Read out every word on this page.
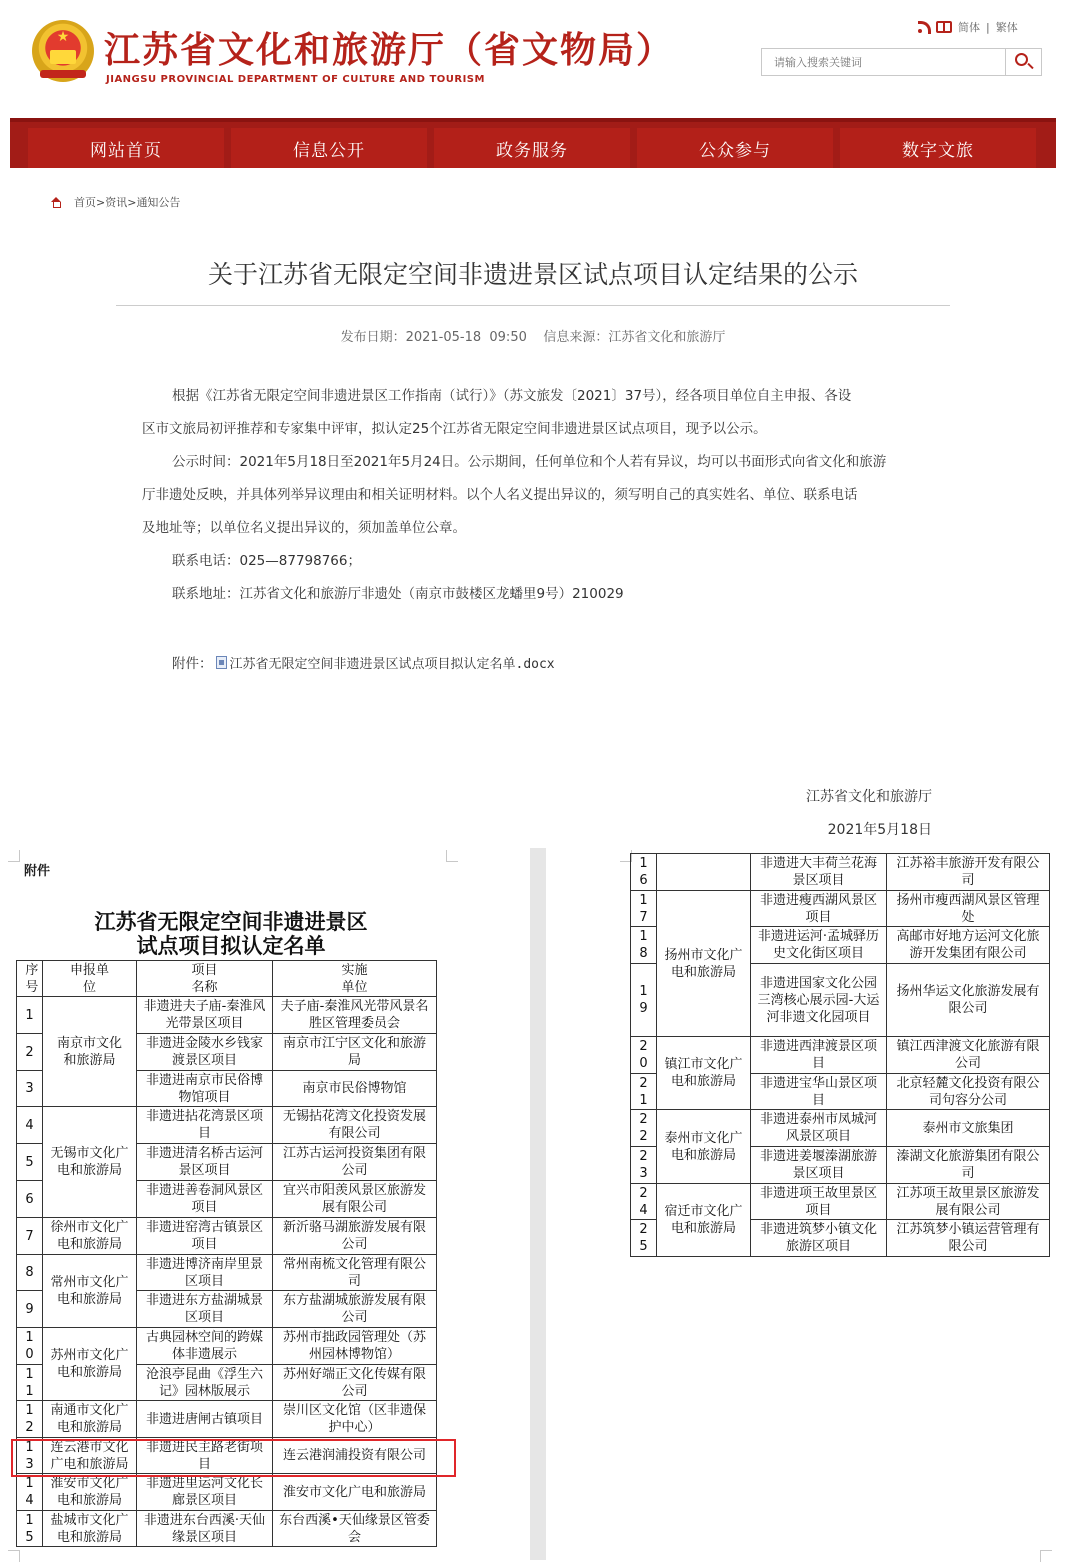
★ 江苏省文化和旅游厅（省文物局）
JIANGSU PROVINCIAL DEPARTMENT OF CULTURE AND TOURISM
简体 | 繁体
请输入搜索关键词
网站首页	信息公开	政务服务	公众参与	数字文旅
首页 > 资讯 > 通知公告
关于江苏省无限定空间非遗进景区试点项目认定结果的公示
发布日期：2021-05-18  09:50 信息来源：江苏省文化和旅游厅
根据《江苏省无限定空间非遗进景区工作指南（试行）》（苏文旅发〔2021〕37号），经各项目单位自主申报、各设
区市文旅局初评推荐和专家集中评审，拟认定25个江苏省无限定空间非遗进景区试点项目，现予以公示。
公示时间：2021年5月18日至2021年5月24日。公示期间，任何单位和个人若有异议，均可以书面形式向省文化和旅游
厅非遗处反映，并具体列举异议理由和相关证明材料。以个人名义提出异议的，须写明自己的真实姓名、单位、联系电话
及地址等；以单位名义提出异议的，须加盖单位公章。
联系电话：025—87798766；
联系地址：江苏省文化和旅游厅非遗处（南京市鼓楼区龙蟠里9号）210029
附件： 江苏省无限定空间非遗进景区试点项目拟认定名单.docx
江苏省文化和旅游厅
2021年5月18日
附件
江苏省无限定空间非遗进景区
试点项目拟认定名单
序号	申报单位	项目名称	实施单位
1	南京市文化和旅游局	非遗进夫子庙-秦淮风光带景区项目	夫子庙-秦淮风光带风景名胜区管理委员会
2		非遗进金陵水乡钱家渡景区项目	南京市江宁区文化和旅游局
3		非遗进南京市民俗博物馆项目	南京市民俗博物馆
4	无锡市文化广电和旅游局	非遗进拈花湾景区项目	无锡拈花湾文化投资发展有限公司
5		非遗进清名桥古运河景区项目	江苏古运河投资集团有限公司
6		非遗进善卷洞风景区项目	宜兴市阳羡风景区旅游发展有限公司
7	徐州市文化广电和旅游局	非遗进窑湾古镇景区项目	新沂骆马湖旅游发展有限公司
8	常州市文化广电和旅游局	非遗进博济南岸里景区项目	常州南梳文化管理有限公司
9		非遗进东方盐湖城景区项目	东方盐湖城旅游发展有限公司

10	苏州市文化广电和旅游局	古典园林空间的跨媒体非遗展示	苏州市拙政园管理处（苏州园林博物馆）

11		沧浪亭昆曲《浮生六记》园林版展示	苏州好端正文化传媒有限公司

12	南通市文化广电和旅游局	非遗进唐闸古镇项目	崇川区文化馆（区非遗保护中心）

13	连云港市文化广电和旅游局	非遗进民主路老街项目	连云港润浦投资有限公司

14	淮安市文化广电和旅游局	非遗进里运河文化长廊景区项目	淮安市文化广电和旅游局

15	盐城市文化广电和旅游局	非遗进东台西溪·天仙缘景区项目	东台西溪•天仙缘景区管委会
16		非遗进大丰荷兰花海景区项目	江苏裕丰旅游开发有限公司

17	扬州市文化广电和旅游局	非遗进瘦西湖风景区项目	扬州市瘦西湖风景区管理处

18		非遗进运河·孟城驿历史文化街区项目	高邮市好地方运河文化旅游开发集团有限公司

19		非遗进国家文化公园三湾核心展示园-大运河非遗文化园项目	扬州华运文化旅游发展有限公司

20	镇江市文化广电和旅游局	非遗进西津渡景区项目	镇江西津渡文化旅游有限公司

21		非遗进宝华山景区项目	北京轻麓文化投资有限公司句容分公司

22	泰州市文化广电和旅游局	非遗进泰州市凤城河风景区项目	泰州市文旅集团

23		非遗进姜堰溱湖旅游景区项目	溱湖文化旅游集团有限公司

24	宿迁市文化广电和旅游局	非遗进项王故里景区项目	江苏项王故里景区旅游发展有限公司

25		非遗进筑梦小镇文化旅游区项目	江苏筑梦小镇运营管理有限公司
